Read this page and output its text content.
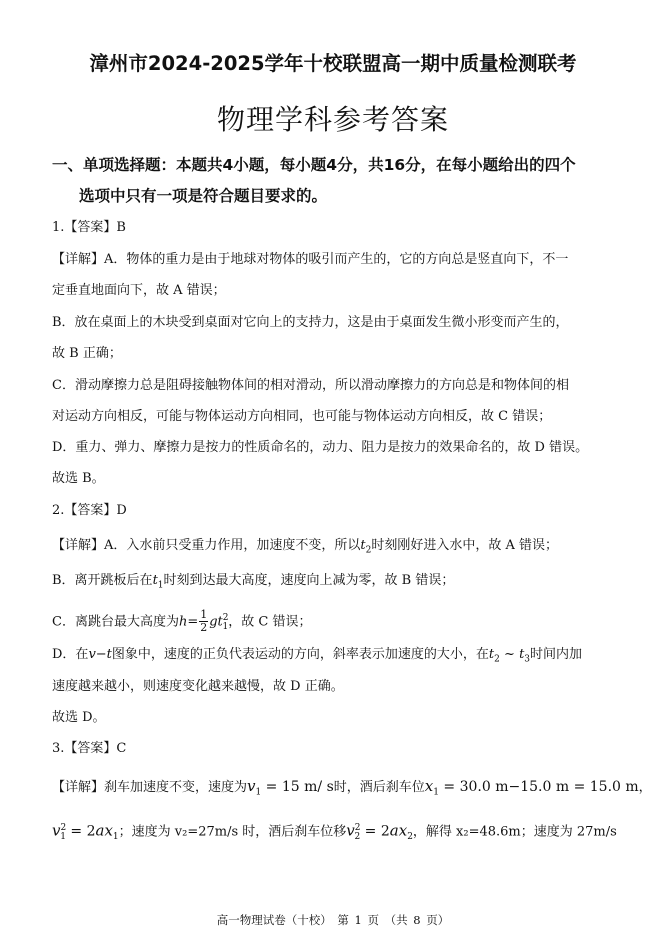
漳州市2024-2025学年十校联盟高一期中质量检测联考
物理学科参考答案
一、单项选择题：本题共4小题，每小题4分，共16分，在每小题给出的四个
选项中只有一项是符合题目要求的。
1.【答案】B
【详解】A．物体的重力是由于地球对物体的吸引而产生的，它的方向总是竖直向下，不一
定垂直地面向下，故 A 错误；
B．放在桌面上的木块受到桌面对它向上的支持力，这是由于桌面发生微小形变而产生的，
故 B 正确；
C．滑动摩擦力总是阻碍接触物体间的相对滑动，所以滑动摩擦力的方向总是和物体间的相
对运动方向相反，可能与物体运动方向相同，也可能与物体运动方向相反，故 C 错误；
D．重力、弹力、摩擦力是按力的性质命名的，动力、阻力是按力的效果命名的，故 D 错误。
故选 B。
2.【答案】D
【详解】A．入水前只受重力作用，加速度不变，所以$t_2$时刻刚好进入水中，故 A 错误；
B．离开跳板后在$t_1$时刻到达最大高度，速度向上减为零，故 B 错误；
C．离跳台最大高度为$h= \frac{1}{2} gt^2_1$，故 C 错误；
D．在v−t图象中，速度的正负代表运动的方向，斜率表示加速度的大小，在$t_2$ ~ $t_3$时间内加
速度越来越小，则速度变化越来越慢，故 D 正确。
故选 D。
3.【答案】C
【详解】刹车加速度不变，速度为$v_1 = 15$ m/ s时，酒后刹车位$x_1 = 30.0$ m−15.0 m = 15.0 m，
$v^2_1 = 2ax_1$；速度为 v₂=27m/s 时，酒后刹车位移$v^2_2 = 2ax_2$，解得 x₂=48.6m；速度为 27m/s
高一物理试卷（十校） 第 1 页 （共 8 页）
